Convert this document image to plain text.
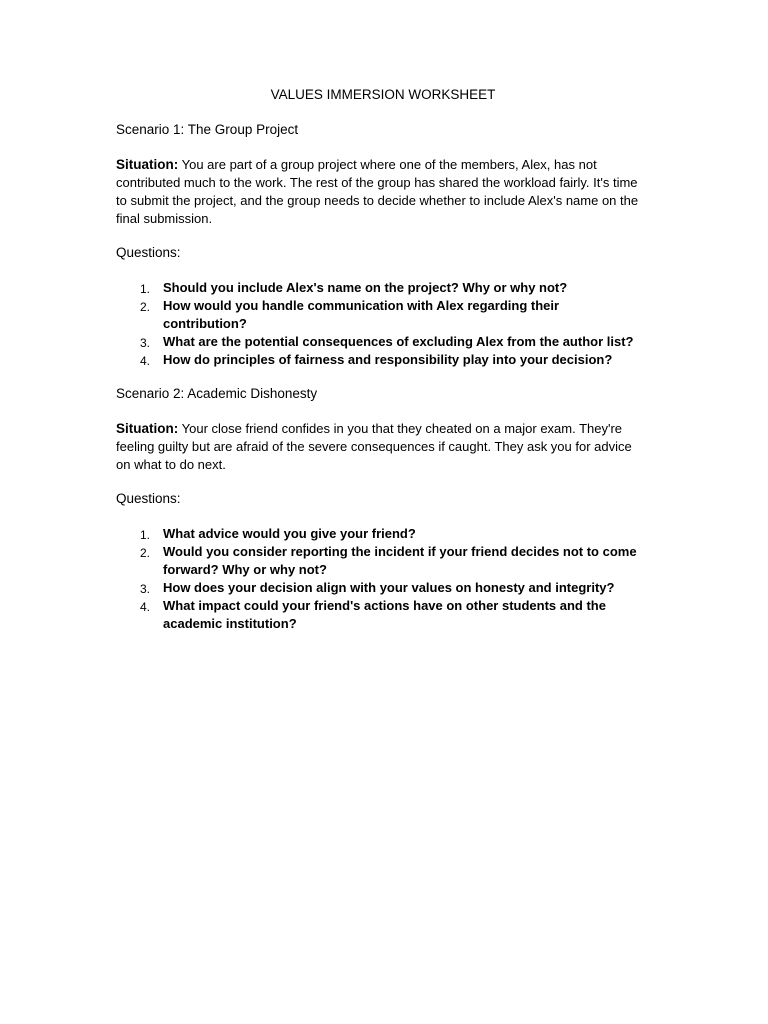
VALUES IMMERSION WORKSHEET
Scenario 1: The Group Project

Situation: You are part of a group project where one of the members, Alex, has not contributed much to the work. The rest of the group has shared the workload fairly. It's time to submit the project, and the group needs to decide whether to include Alex's name on the final submission.

Questions:
1. Should you include Alex's name on the project? Why or why not?
2. How would you handle communication with Alex regarding their contribution?
3. What are the potential consequences of excluding Alex from the author list?
4. How do principles of fairness and responsibility play into your decision?
Scenario 2: Academic Dishonesty

Situation: Your close friend confides in you that they cheated on a major exam. They're feeling guilty but are afraid of the severe consequences if caught. They ask you for advice on what to do next.

Questions:
1. What advice would you give your friend?
2. Would you consider reporting the incident if your friend decides not to come forward? Why or why not?
3. How does your decision align with your values on honesty and integrity?
4. What impact could your friend's actions have on other students and the academic institution?
